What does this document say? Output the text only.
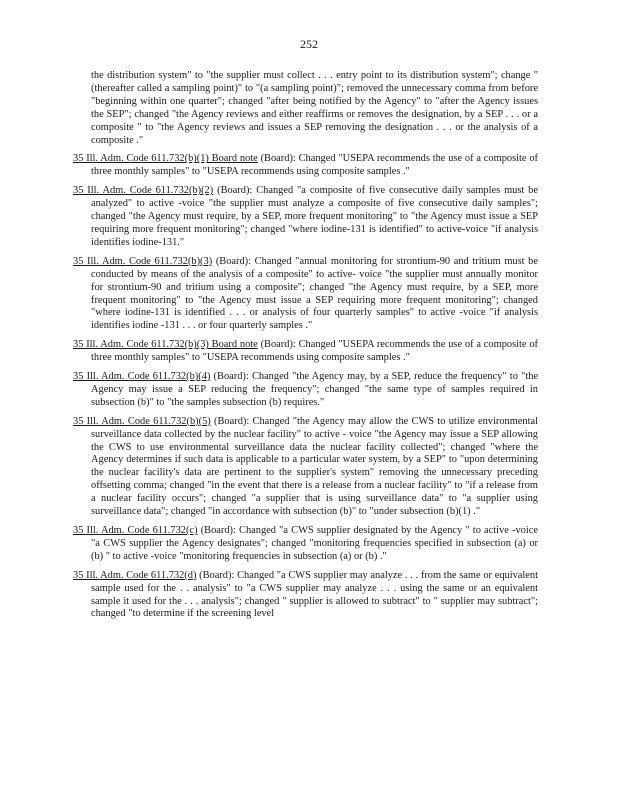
252
the distribution system" to "the supplier must collect . . . entry point to its distribution system"; change "(thereafter called a sampling point)" to "(a sampling point)"; removed the unnecessary comma from before "beginning within one quarter"; changed "after being notified by the Agency" to "after the Agency issues the SEP"; changed "the Agency reviews and either reaffirms or removes the designation, by a SEP . . . or a composite " to "the Agency reviews and issues a SEP removing the designation . . . or the analysis of a composite ."
35 Ill. Adm. Code 611.732(b)(1) Board note (Board): Changed "USEPA recommends the use of a composite of three monthly samples" to "USEPA recommends using composite samples ."
35 Ill. Adm. Code 611.732(b)(2) (Board): Changed "a composite of five consecutive daily samples must be analyzed" to active -voice "the supplier must analyze a composite of five consecutive daily samples"; changed "the Agency must require, by a SEP, more frequent monitoring" to "the Agency must issue a SEP requiring more frequent monitoring"; changed "where iodine-131 is identified" to active-voice "if analysis identifies iodine-131."
35 Ill. Adm. Code 611.732(b)(3) (Board): Changed "annual monitoring for strontium-90 and tritium must be conducted by means of the analysis of a composite" to active- voice "the supplier must annually monitor for strontium-90 and tritium using a composite"; changed "the Agency must require, by a SEP, more frequent monitoring" to "the Agency must issue a SEP requiring more frequent monitoring"; changed "where iodine-131 is identified . . . or analysis of four quarterly samples" to active -voice "if analysis identifies iodine -131 . . . or four quarterly samples ."
35 Ill. Adm. Code 611.732(b)(3) Board note (Board): Changed "USEPA recommends the use of a composite of three monthly samples" to "USEPA recommends using composite samples ."
35 Ill. Adm. Code 611.732(b)(4) (Board): Changed "the Agency may, by a SEP, reduce the frequency" to "the Agency may issue a SEP reducing the frequency"; changed "the same type of samples required in subsection (b)" to "the samples subsection (b) requires."
35 Ill. Adm. Code 611.732(b)(5) (Board): Changed "the Agency may allow the CWS to utilize environmental surveillance data collected by the nuclear facility" to active - voice "the Agency may issue a SEP allowing the CWS to use environmental surveillance data the nuclear facility collected"; changed "where the Agency determines if such data is applicable to a particular water system, by a SEP" to "upon determining the nuclear facility's data are pertinent to the supplier's system" removing the unnecessary preceding offsetting comma; changed "in the event that there is a release from a nuclear facility" to "if a release from a nuclear facility occurs"; changed "a supplier that is using surveillance data" to "a supplier using surveillance data"; changed "in accordance with subsection (b)" to "under subsection (b)(1) ."
35 Ill. Adm. Code 611.732(c) (Board): Changed "a CWS supplier designated by the Agency " to active -voice "a CWS supplier the Agency designates"; changed "monitoring frequencies specified in subsection (a) or (b) " to active -voice "monitoring frequencies in subsection (a) or (b) ."
35 Ill. Adm. Code 611.732(d) (Board): Changed "a CWS supplier may analyze . . . from the same or equivalent sample used for the . . analysis" to "a CWS supplier may analyze . . . using the same or an equivalent sample it used for the . . . analysis"; changed " supplier is allowed to subtract" to " supplier may subtract"; changed "to determine if the screening level
